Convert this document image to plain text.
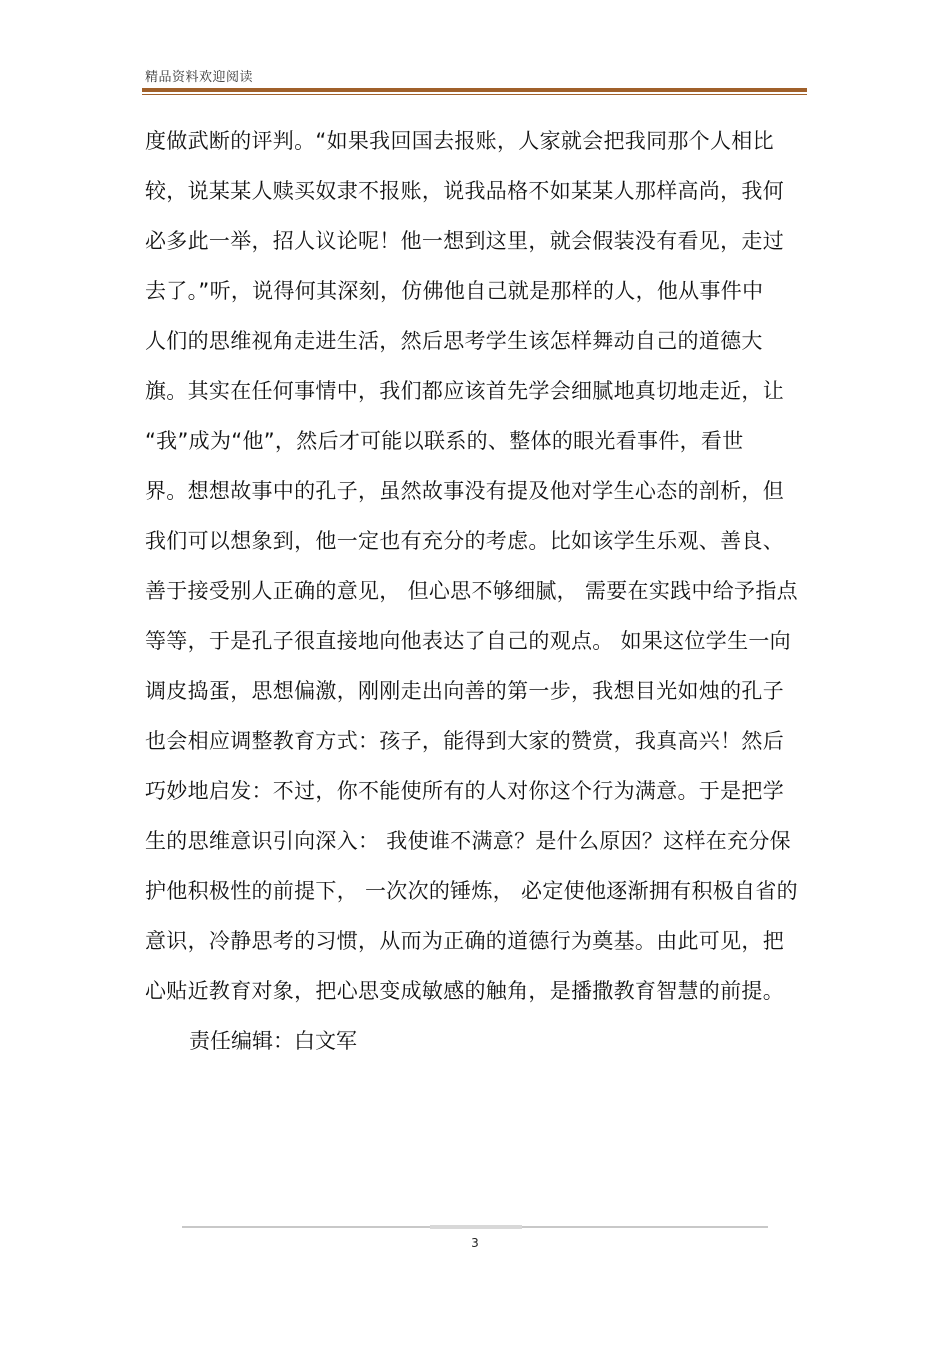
精品资料欢迎阅读
度做武断的评判。“如果我回国去报账，人家就会把我同那个人相比
较，说某某人赎买奴隶不报账，说我品格不如某某人那样高尚，我何
必多此一举，招人议论呢！他一想到这里，就会假装没有看见，走过
去了。”听，说得何其深刻，仿佛他自己就是那样的人，他从事件中
人们的思维视角走进生活，然后思考学生该怎样舞动自己的道德大
旗。其实在任何事情中，我们都应该首先学会细腻地真切地走近，让
“我”成为“他”，然后才可能以联系的、整体的眼光看事件，看世
界。想想故事中的孔子，虽然故事没有提及他对学生心态的剖析，但
我们可以想象到，他一定也有充分的考虑。比如该学生乐观、善良、
善于接受别人正确的意见， 但心思不够细腻， 需要在实践中给予指点
等等，于是孔子很直接地向他表达了自己的观点。 如果这位学生一向
调皮捣蛋，思想偏激，刚刚走出向善的第一步，我想目光如烛的孔子
也会相应调整教育方式：孩子，能得到大家的赞赏，我真高兴！然后
巧妙地启发：不过，你不能使所有的人对你这个行为满意。于是把学
生的思维意识引向深入： 我使谁不满意？是什么原因？这样在充分保
护他积极性的前提下， 一次次的锤炼， 必定使他逐渐拥有积极自省的
意识，冷静思考的习惯，从而为正确的道德行为奠基。由此可见，把
心贴近教育对象，把心思变成敏感的触角，是播撒教育智慧的前提。
责任编辑：白文军
3
